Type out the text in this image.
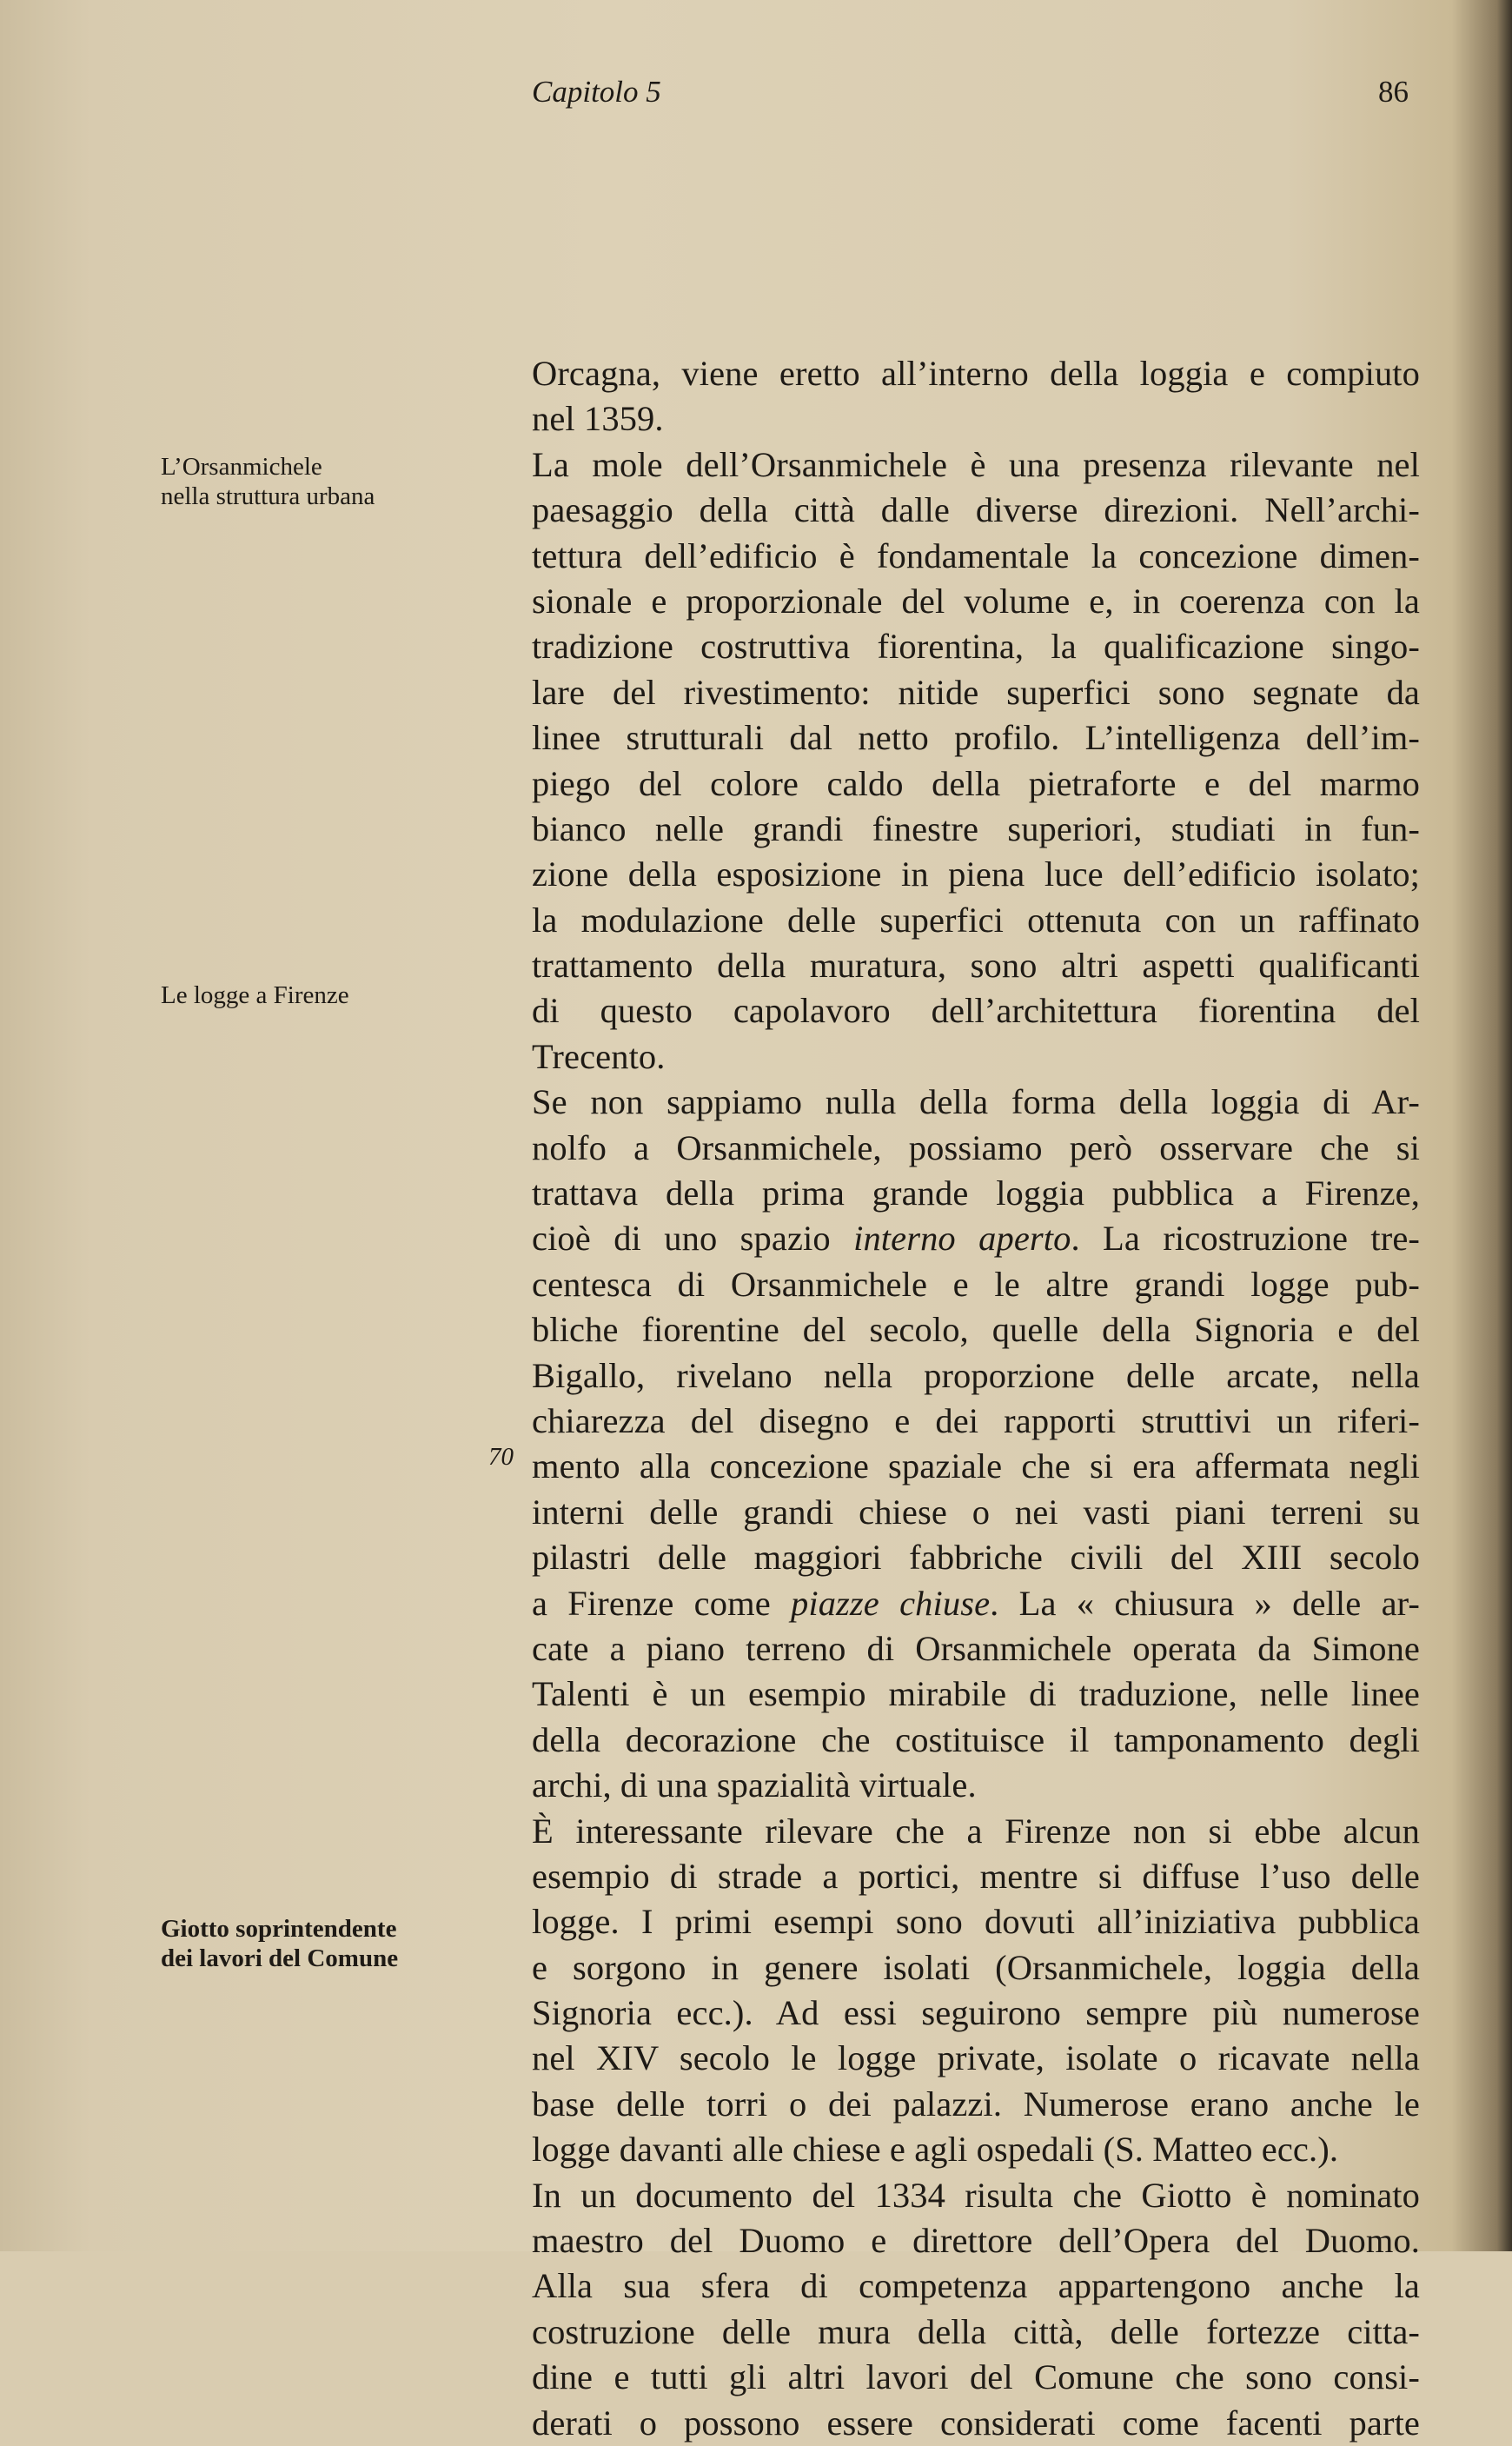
Capitolo 5	86
L’Orsanmichele
nella struttura urbana
Le logge a Firenze
Giotto soprintendente
dei lavori del Comune
70
Orcagna, viene eretto all’interno della loggia e compiuto
nel 1359.
La mole dell’Orsanmichele è una presenza rilevante nel
paesaggio della città dalle diverse direzioni. Nell’archi-
tettura dell’edificio è fondamentale la concezione dimen-
sionale e proporzionale del volume e, in coerenza con la
tradizione costruttiva fiorentina, la qualificazione singo-
lare del rivestimento: nitide superfici sono segnate da
linee strutturali dal netto profilo. L’intelligenza dell’im-
piego del colore caldo della pietraforte e del marmo
bianco nelle grandi finestre superiori, studiati in fun-
zione della esposizione in piena luce dell’edificio isolato;
la modulazione delle superfici ottenuta con un raffinato
trattamento della muratura, sono altri aspetti qualificanti
di questo capolavoro dell’architettura fiorentina del
Trecento.
Se non sappiamo nulla della forma della loggia di Ar-
nolfo a Orsanmichele, possiamo però osservare che si
trattava della prima grande loggia pubblica a Firenze,
cioè di uno spazio interno aperto. La ricostruzione tre-
centesca di Orsanmichele e le altre grandi logge pub-
bliche fiorentine del secolo, quelle della Signoria e del
Bigallo, rivelano nella proporzione delle arcate, nella
chiarezza del disegno e dei rapporti struttivi un riferi-
mento alla concezione spaziale che si era affermata negli
interni delle grandi chiese o nei vasti piani terreni su
pilastri delle maggiori fabbriche civili del XIII secolo
a Firenze come piazze chiuse. La « chiusura » delle ar-
cate a piano terreno di Orsanmichele operata da Simone
Talenti è un esempio mirabile di traduzione, nelle linee
della decorazione che costituisce il tamponamento degli
archi, di una spazialità virtuale.
È interessante rilevare che a Firenze non si ebbe alcun
esempio di strade a portici, mentre si diffuse l’uso delle
logge. I primi esempi sono dovuti all’iniziativa pubblica
e sorgono in genere isolati (Orsanmichele, loggia della
Signoria ecc.). Ad essi seguirono sempre più numerose
nel XIV secolo le logge private, isolate o ricavate nella
base delle torri o dei palazzi. Numerose erano anche le
logge davanti alle chiese e agli ospedali (S. Matteo ecc.).
In un documento del 1334 risulta che Giotto è nominato
maestro del Duomo e direttore dell’Opera del Duomo.
Alla sua sfera di competenza appartengono anche la
costruzione delle mura della città, delle fortezze citta-
dine e tutti gli altri lavori del Comune che sono consi-
derati o possono essere considerati come facenti parte
